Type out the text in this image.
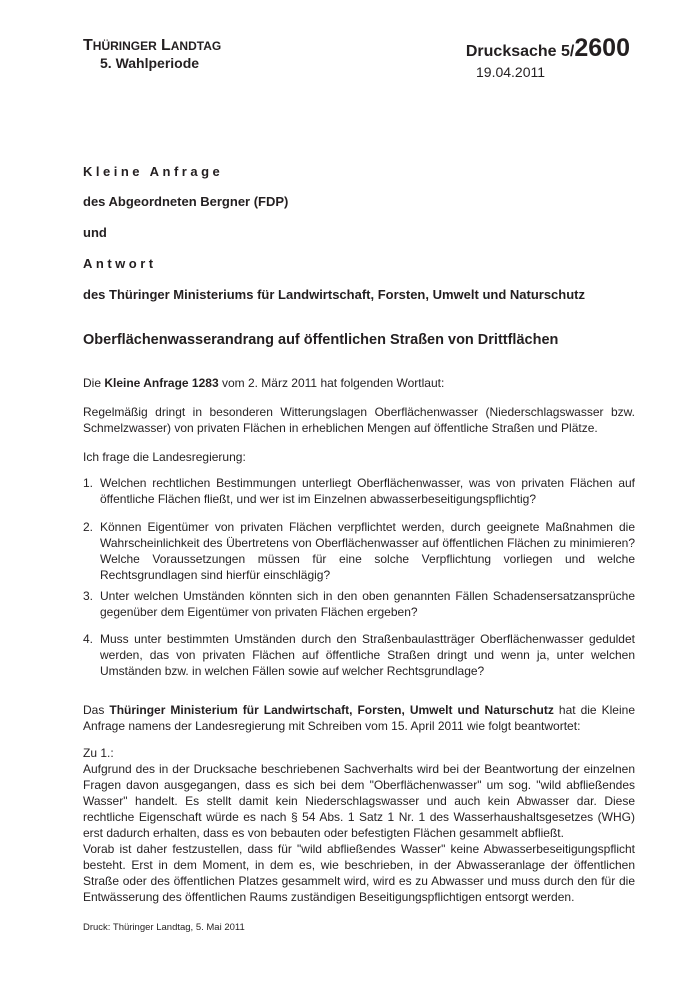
THÜRINGER LANDTAG
5. Wahlperiode
Drucksache 5/2600
19.04.2011
Kleine Anfrage
des Abgeordneten Bergner (FDP)
und
Antwort
des Thüringer Ministeriums für Landwirtschaft, Forsten, Umwelt und Naturschutz
Oberflächenwasserandrang auf öffentlichen Straßen von Drittflächen
Die Kleine Anfrage 1283 vom 2. März 2011 hat folgenden Wortlaut:
Regelmäßig dringt in besonderen Witterungslagen Oberflächenwasser (Niederschlagswasser bzw. Schmelzwasser) von privaten Flächen in erheblichen Mengen auf öffentliche Straßen und Plätze.
Ich frage die Landesregierung:
1. Welchen rechtlichen Bestimmungen unterliegt Oberflächenwasser, was von privaten Flächen auf öffentliche Flächen fließt, und wer ist im Einzelnen abwasserbeseitigungspflichtig?
2. Können Eigentümer von privaten Flächen verpflichtet werden, durch geeignete Maßnahmen die Wahrscheinlichkeit des Übertretens von Oberflächenwasser auf öffentlichen Flächen zu minimieren? Welche Voraussetzungen müssen für eine solche Verpflichtung vorliegen und welche Rechtsgrundlagen sind hierfür einschlägig?
3. Unter welchen Umständen könnten sich in den oben genannten Fällen Schadensersatzansprüche gegenüber dem Eigentümer von privaten Flächen ergeben?
4. Muss unter bestimmten Umständen durch den Straßenbaulastträger Oberflächenwasser geduldet werden, das von privaten Flächen auf öffentliche Straßen dringt und wenn ja, unter welchen Umständen bzw. in welchen Fällen sowie auf welcher Rechtsgrundlage?
Das Thüringer Ministerium für Landwirtschaft, Forsten, Umwelt und Naturschutz hat die Kleine Anfrage namens der Landesregierung mit Schreiben vom 15. April 2011 wie folgt beantwortet:
Zu 1.:
Aufgrund des in der Drucksache beschriebenen Sachverhalts wird bei der Beantwortung der einzelnen Fragen davon ausgegangen, dass es sich bei dem "Oberflächenwasser" um sog. "wild abfließendes Wasser" handelt. Es stellt damit kein Niederschlagswasser und auch kein Abwasser dar. Diese rechtliche Eigenschaft würde es nach § 54 Abs. 1 Satz 1 Nr. 1 des Wasserhaushaltsgesetzes (WHG) erst dadurch erhalten, dass es von bebauten oder befestigten Flächen gesammelt abfließt.
Vorab ist daher festzustellen, dass für "wild abfließendes Wasser" keine Abwasserbeseitigungspflicht besteht. Erst in dem Moment, in dem es, wie beschrieben, in der Abwasseranlage der öffentlichen Straße oder des öffentlichen Platzes gesammelt wird, wird es zu Abwasser und muss durch den für die Entwässerung des öffentlichen Raums zuständigen Beseitigungspflichtigen entsorgt werden.
Druck: Thüringer Landtag, 5. Mai 2011
